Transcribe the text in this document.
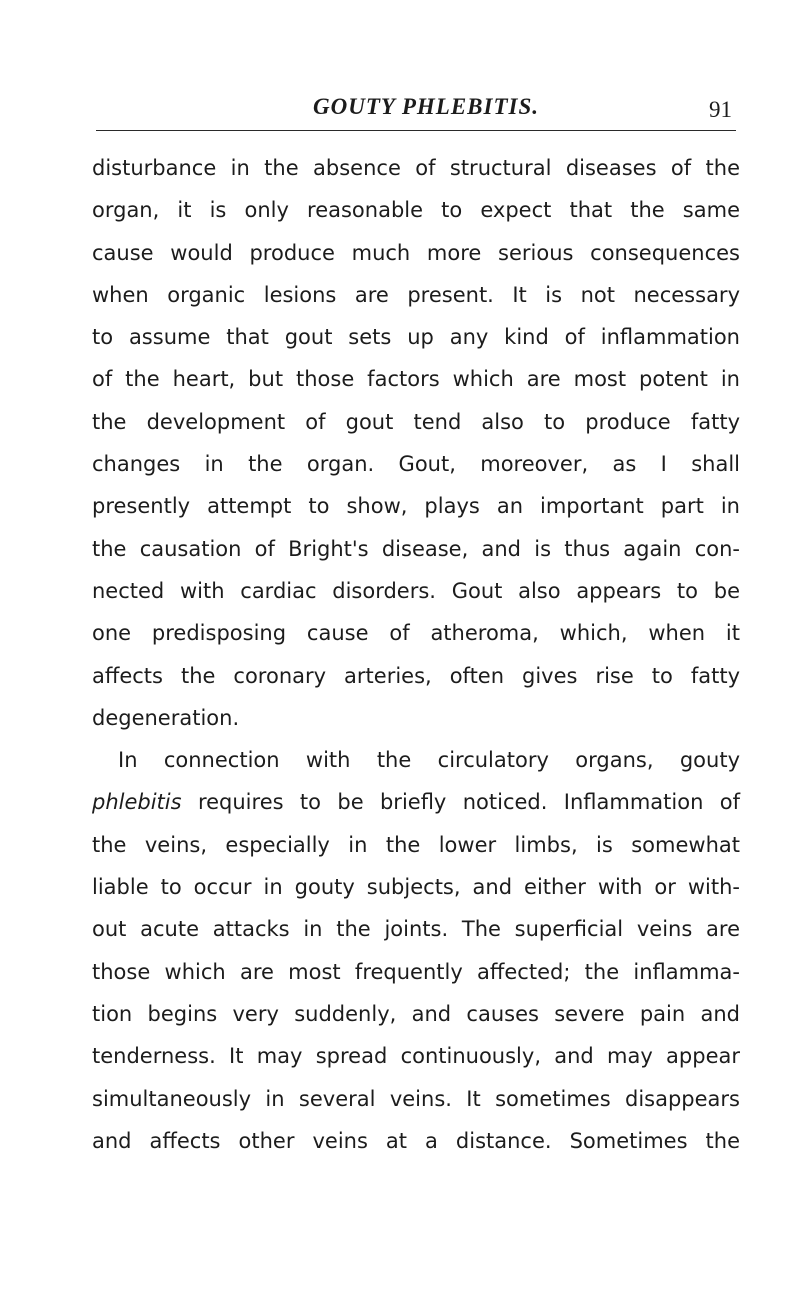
GOUTY PHLEBITIS.	91
disturbance in the absence of structural diseases of the
organ, it is only reasonable to expect that the same
cause would produce much more serious consequences
when organic lesions are present. It is not necessary
to assume that gout sets up any kind of inflammation
of the heart, but those factors which are most potent in
the development of gout tend also to produce fatty
changes in the organ. Gout, moreover, as I shall
presently attempt to show, plays an important part in
the causation of Bright's disease, and is thus again con-
nected with cardiac disorders. Gout also appears to be
one predisposing cause of atheroma, which, when it
affects the coronary arteries, often gives rise to fatty
degeneration.
In connection with the circulatory organs, gouty
phlebitis requires to be briefly noticed. Inflammation of
the veins, especially in the lower limbs, is somewhat
liable to occur in gouty subjects, and either with or with-
out acute attacks in the joints. The superficial veins are
those which are most frequently affected; the inflamma-
tion begins very suddenly, and causes severe pain and
tenderness. It may spread continuously, and may appear
simultaneously in several veins. It sometimes disappears
and affects other veins at a distance. Sometimes the
